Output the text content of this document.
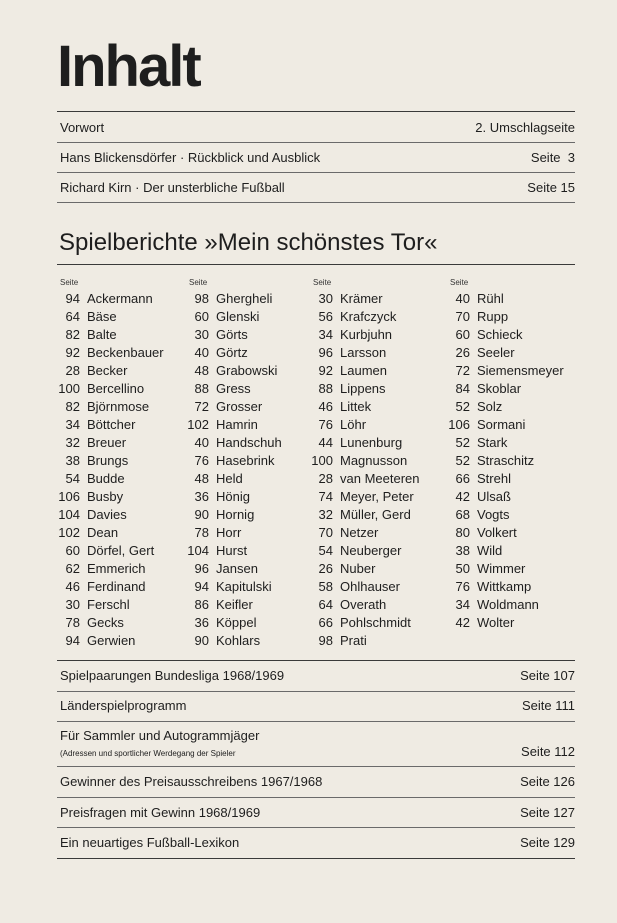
Inhalt
Vorwort	2. Umschlagseite
Hans Blickensdörfer · Rückblick und Ausblick	Seite  3
Richard Kirn · Der unsterbliche Fußball	Seite 15
Spielberichte »Mein schönstes Tor«
Seite
94 Ackermann
64 Bäse
82 Balte
92 Beckenbauer
28 Becker
100 Bercellino
82 Björnmose
34 Böttcher
32 Breuer
38 Brungs
54 Budde
106 Busby
104 Davies
102 Dean
60 Dörfel, Gert
62 Emmerich
46 Ferdinand
30 Ferschl
78 Gecks
94 Gerwien
Seite
98 Ghergheli
60 Glenski
30 Görts
40 Görtz
48 Grabowski
88 Gress
72 Grosser
102 Hamrin
40 Handschuh
76 Hasebrink
48 Held
36 Hönig
90 Hornig
78 Horr
104 Hurst
96 Jansen
94 Kapitulski
86 Keifler
36 Köppel
90 Kohlars
Seite
30 Krämer
56 Krafczyck
34 Kurbjuhn
96 Larsson
92 Laumen
88 Lippens
46 Littek
76 Löhr
44 Lunenburg
100 Magnusson
28 van Meeteren
74 Meyer, Peter
32 Müller, Gerd
70 Netzer
54 Neuberger
26 Nuber
58 Ohlhauser
64 Overath
66 Pohlschmidt
98 Prati
Seite
40 Rühl
70 Rupp
60 Schieck
26 Seeler
72 Siemensmeyer
84 Skoblar
52 Solz
106 Sormani
52 Stark
52 Straschitz
66 Strehl
42 Ulsaß
68 Vogts
80 Volkert
38 Wild
50 Wimmer
76 Wittkamp
34 Woldmann
42 Wolter
Spielpaarungen Bundesliga 1968/1969	Seite 107
Länderspielprogramm	Seite 111
Für Sammler und Autogrammjäger
(Adressen und sportlicher Werdegang der Spieler	Seite 112
Gewinner des Preisausschreibens 1967/1968	Seite 126
Preisfragen mit Gewinn 1968/1969	Seite 127
Ein neuartiges Fußball-Lexikon	Seite 129
